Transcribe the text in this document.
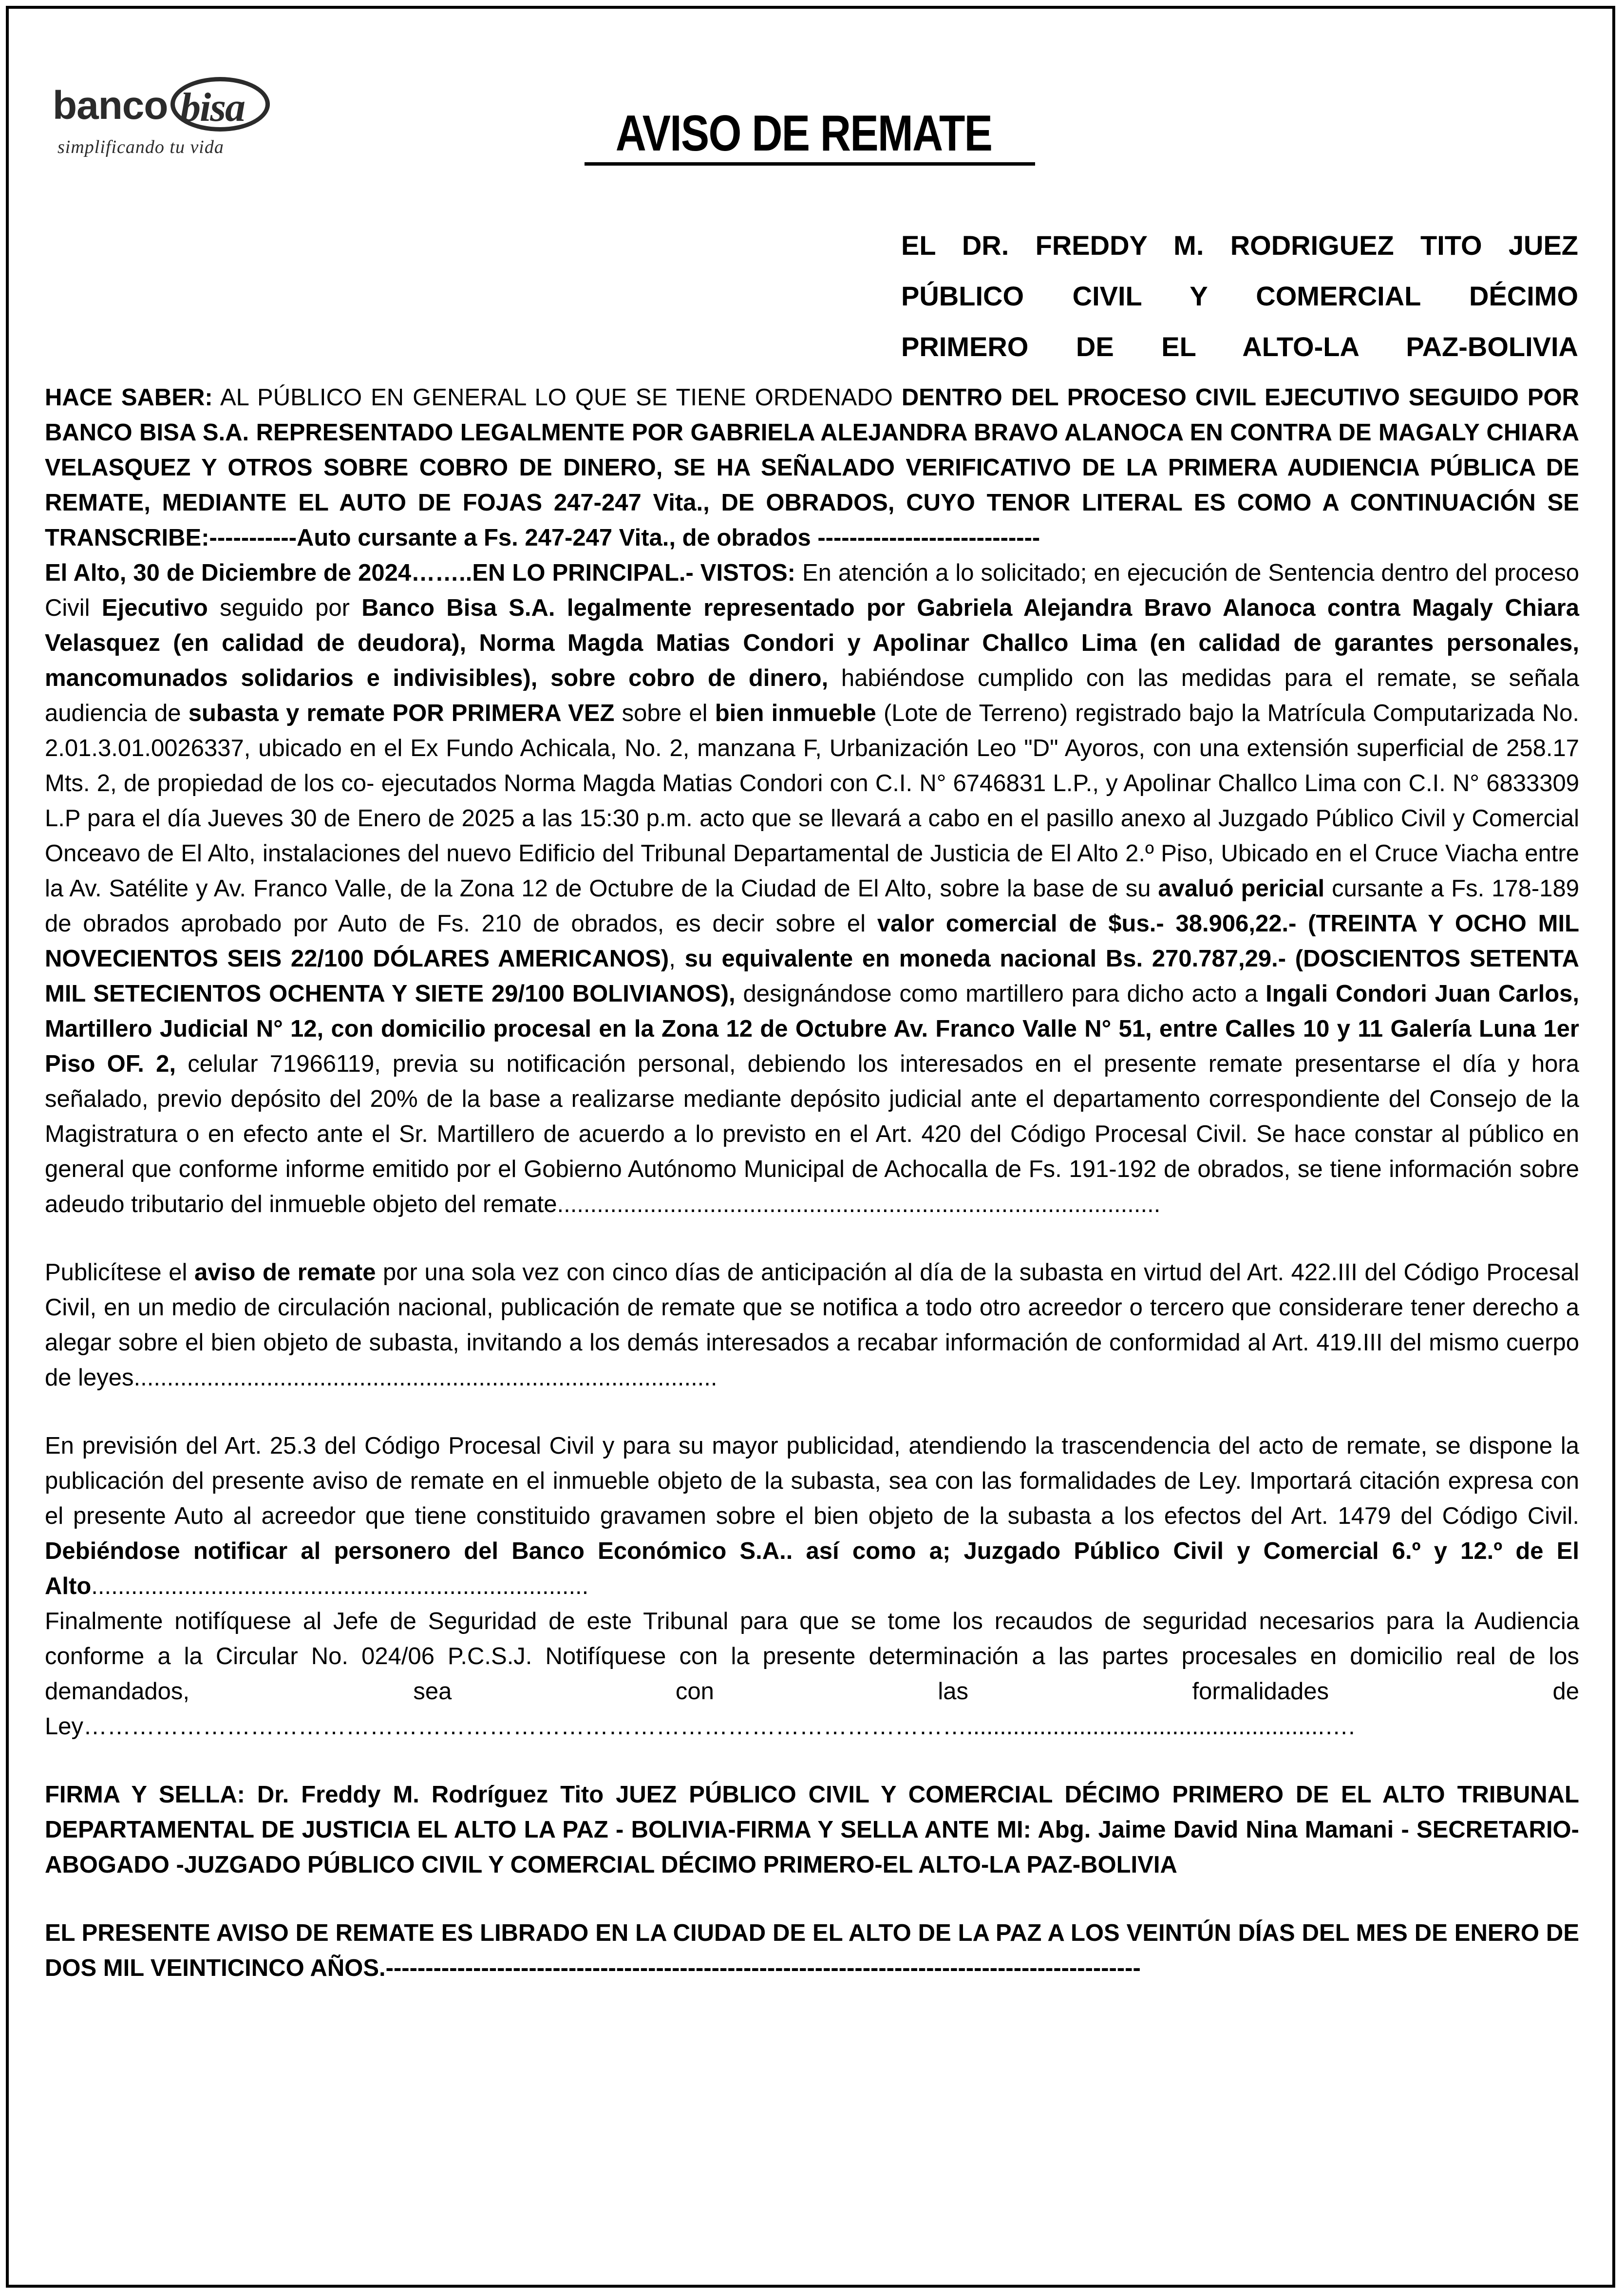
banco bisa
simplificando tu vida	AVISO DE REMATE
EL DR. FREDDY M. RODRIGUEZ TITO JUEZ
PÚBLICO CIVIL Y COMERCIAL DÉCIMO
PRIMERO DE EL ALTO-LA PAZ-BOLIVIA

HACE SABER: AL PÚBLICO EN GENERAL LO QUE SE TIENE ORDENADO DENTRO DEL PROCESO CIVIL EJECUTIVO SEGUIDO POR BANCO BISA S.A. REPRESENTADO LEGALMENTE POR GABRIELA ALEJANDRA BRAVO ALANOCA EN CONTRA DE MAGALY CHIARA VELASQUEZ Y OTROS SOBRE COBRO DE DINERO, SE HA SEÑALADO VERIFICATIVO DE LA PRIMERA AUDIENCIA PÚBLICA DE REMATE, MEDIANTE EL AUTO DE FOJAS 247-247 Vita., DE OBRADOS, CUYO TENOR LITERAL ES COMO A CONTINUACIÓN SE TRANSCRIBE:-----------Auto cursante a Fs. 247-247 Vita., de obrados ----------------------------

El Alto, 30 de Diciembre de 2024……..EN LO PRINCIPAL.- VISTOS: En atención a lo solicitado; en ejecución de Sentencia dentro del proceso Civil Ejecutivo seguido por Banco Bisa S.A. legalmente representado por Gabriela Alejandra Bravo Alanoca contra Magaly Chiara Velasquez (en calidad de deudora), Norma Magda Matias Condori y Apolinar Challco Lima (en calidad de garantes personales, mancomunados solidarios e indivisibles), sobre cobro de dinero, habiéndose cumplido con las medidas para el remate, se señala audiencia de subasta y remate POR PRIMERA VEZ sobre el bien inmueble (Lote de Terreno) registrado bajo la Matrícula Computarizada No. 2.01.3.01.0026337, ubicado en el Ex Fundo Achicala, No. 2, manzana F, Urbanización Leo "D" Ayoros, con una extensión superficial de 258.17 Mts. 2, de propiedad de los co- ejecutados Norma Magda Matias Condori con C.I. N° 6746831 L.P., y Apolinar Challco Lima con C.I. N° 6833309 L.P para el día Jueves 30 de Enero de 2025 a las 15:30 p.m. acto que se llevará a cabo en el pasillo anexo al Juzgado Público Civil y Comercial Onceavo de El Alto, instalaciones del nuevo Edificio del Tribunal Departamental de Justicia de El Alto 2.º Piso, Ubicado en el Cruce Viacha entre la Av. Satélite y Av. Franco Valle, de la Zona 12 de Octubre de la Ciudad de El Alto, sobre la base de su avaluó pericial cursante a Fs. 178-189 de obrados aprobado por Auto de Fs. 210 de obrados, es decir sobre el valor comercial de $us.- 38.906,22.- (TREINTA Y OCHO MIL NOVECIENTOS SEIS 22/100 DÓLARES AMERICANOS), su equivalente en moneda nacional Bs. 270.787,29.- (DOSCIENTOS SETENTA MIL SETECIENTOS OCHENTA Y SIETE 29/100 BOLIVIANOS), designándose como martillero para dicho acto a Ingali Condori Juan Carlos, Martillero Judicial N° 12, con domicilio procesal en la Zona 12 de Octubre Av. Franco Valle N° 51, entre Calles 10 y 11 Galería Luna 1er Piso OF. 2, celular 71966119, previa su notificación personal, debiendo los interesados en el presente remate presentarse el día y hora señalado, previo depósito del 20% de la base a realizarse mediante depósito judicial ante el departamento correspondiente del Consejo de la Magistratura o en efecto ante el Sr. Martillero de acuerdo a lo previsto en el Art. 420 del Código Procesal Civil. Se hace constar al público en general que conforme informe emitido por el Gobierno Autónomo Municipal de Achocalla de Fs. 191-192 de obrados, se tiene información sobre adeudo tributario del inmueble objeto del remate...........................................................................................

Publicítese el aviso de remate por una sola vez con cinco días de anticipación al día de la subasta en virtud del Art. 422.III del Código Procesal Civil, en un medio de circulación nacional, publicación de remate que se notifica a todo otro acreedor o tercero que considerare tener derecho a alegar sobre el bien objeto de subasta, invitando a los demás interesados a recabar información de conformidad al Art. 419.III del mismo cuerpo de leyes........................................................................................

En previsión del Art. 25.3 del Código Procesal Civil y para su mayor publicidad, atendiendo la trascendencia del acto de remate, se dispone la publicación del presente aviso de remate en el inmueble objeto de la subasta, sea con las formalidades de Ley. Importará citación expresa con el presente Auto al acreedor que tiene constituido gravamen sobre el bien objeto de la subasta a los efectos del Art. 1479 del Código Civil. Debiéndose notificar al personero del Banco Económico S.A.. así como a; Juzgado Público Civil y Comercial 6.º y 12.º de El Alto...........................................................................
Finalmente notifíquese al Jefe de Seguridad de este Tribunal para que se tome los recaudos de seguridad necesarios para la Audiencia conforme a la Circular No. 024/06 P.C.S.J. Notifíquese con la presente determinación a las partes procesales en domicilio real de los demandados, sea con las formalidades de Ley…………………………………………………………………………………………………......................................................….

FIRMA Y SELLA: Dr. Freddy M. Rodríguez Tito JUEZ PÚBLICO CIVIL Y COMERCIAL DÉCIMO PRIMERO DE EL ALTO TRIBUNAL DEPARTAMENTAL DE JUSTICIA EL ALTO LA PAZ - BOLIVIA-FIRMA Y SELLA ANTE MI: Abg. Jaime David Nina Mamani - SECRETARIO-ABOGADO -JUZGADO PÚBLICO CIVIL Y COMERCIAL DÉCIMO PRIMERO-EL ALTO-LA PAZ-BOLIVIA

EL PRESENTE AVISO DE REMATE ES LIBRADO EN LA CIUDAD DE EL ALTO DE LA PAZ A LOS VEINTÚN DÍAS DEL MES DE ENERO DE DOS MIL VEINTICINCO AÑOS.-----------------------------------------------------------------------------------------------
